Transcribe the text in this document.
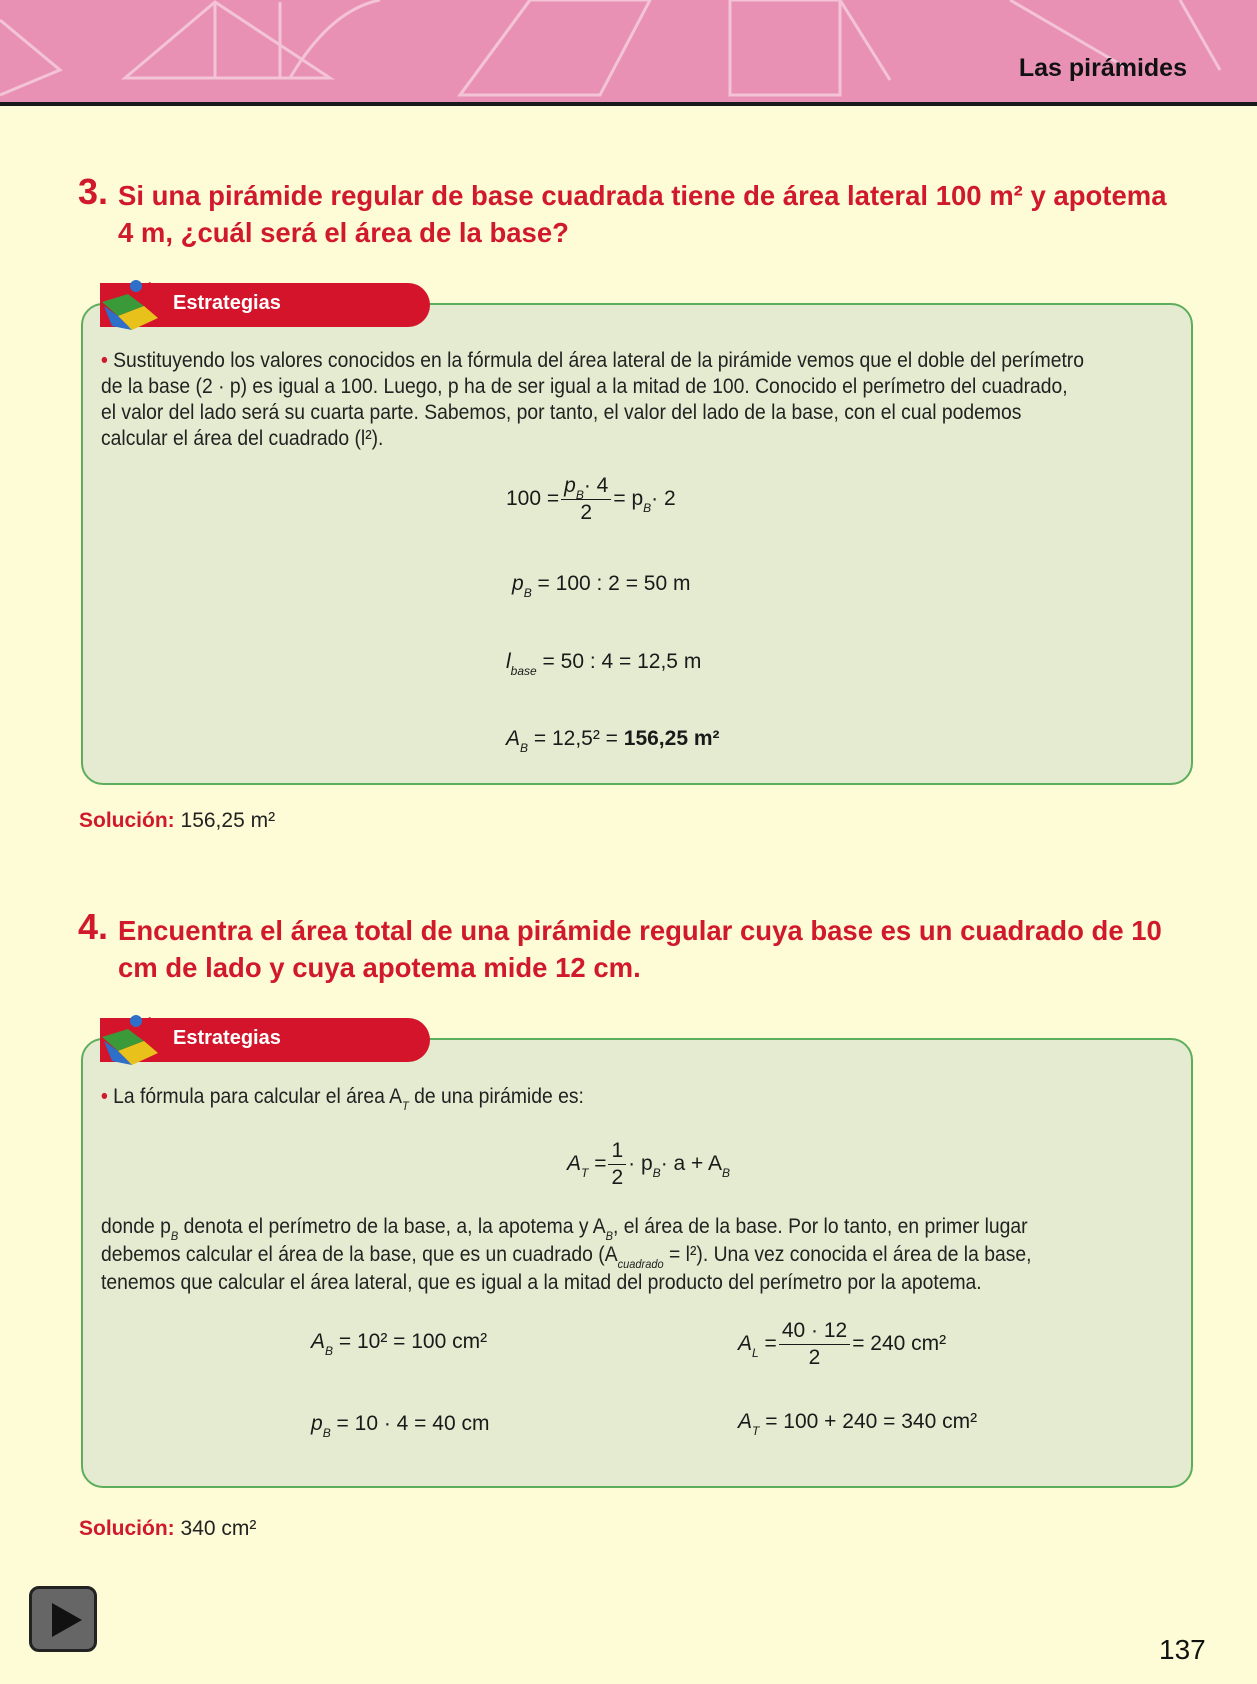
Las pirámides
3. Si una pirámide regular de base cuadrada tiene de área lateral 100 m² y apotema 4 m, ¿cuál será el área de la base?
Estrategias
• Sustituyendo los valores conocidos en la fórmula del área lateral de la pirámide vemos que el doble del perímetro de la base (2 · p) es igual a 100. Luego, p ha de ser igual a la mitad de 100. Conocido el perímetro del cuadrado, el valor del lado será su cuarta parte. Sabemos, por tanto, el valor del lado de la base, con el cual podemos calcular el área del cuadrado (l²).
$100 = \frac{p_B\cdot 4}{2} = p_B\cdot 2$
$p_B = 100$ : 2 = 50 m
$l_{base} = 50$ : 4 = 12,5 m
$A_B = 12,5^2 = 156,25$ m²
Solución: 156,25 m²
4. Encuentra el área total de una pirámide regular cuya base es un cuadrado de 10 cm de lado y cuya apotema mide 12 cm.
Estrategias
• La fórmula para calcular el área $A_T$ de una pirámide es:
$A_T = \frac{1}{2} \cdot p_B\cdot a + A_B$
donde $p_B$ denota el perímetro de la base, a, la apotema y $A_B$, el área de la base. Por lo tanto, en primer lugar debemos calcular el área de la base, que es un cuadrado $(A_{cuadrado} = l^2)$. Una vez conocida el área de la base, tenemos que calcular el área lateral, que es igual a la mitad del producto del perímetro por la apotema.
$A_B = 10^2 = 100$ cm²
$p_B = 10 \cdot 4 = 40$ cm
$A_L = \frac{40 \cdot 12}{2} = 240$ cm²
$A_T = 100 + 240 = 340$ cm²
Solución: 340 cm²
137
